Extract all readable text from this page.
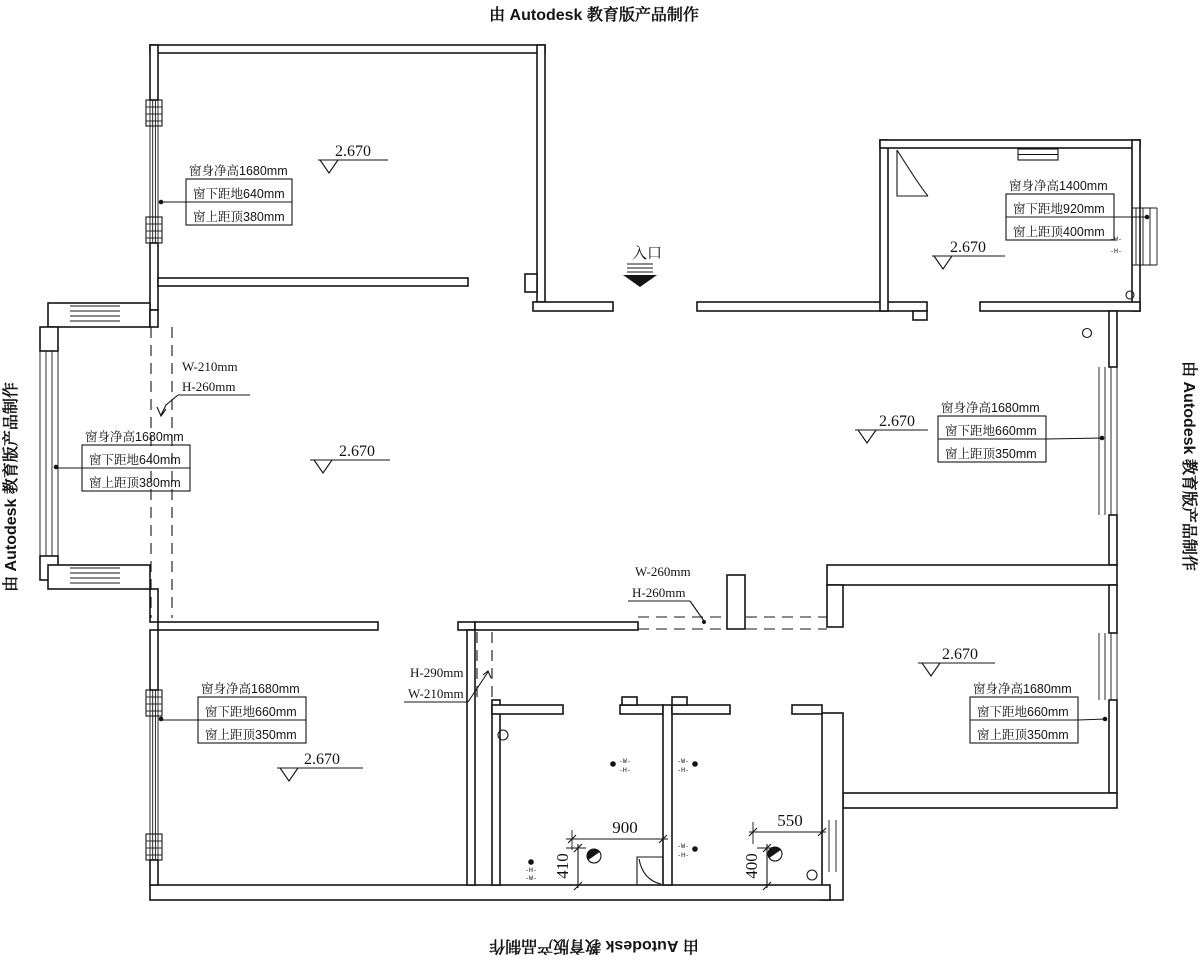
由 Autodesk 教育版产品制作
由 Autodesk 教育版产品制作
由 Autodesk 教育版产品制作	由 Autodesk 教育版产品制作
-W-
-H-
-W-
-H-
-W-
-H-
-H-
-W-
-W-
-H-
入口
2.670
2.670
2.670
2.670
2.670
2.670
窗身净高1680mm
窗下距地640mm
窗上距顶380mm
窗身净高1400mm
窗下距地920mm
窗上距顶400mm
窗身净高1680mm
窗下距地640mm
窗上距顶380mm
窗身净高1680mm
窗下距地660mm
窗上距顶350mm
窗身净高1680mm
窗下距地660mm
窗上距顶350mm
窗身净高1680mm
窗下距地660mm
窗上距顶350mm
W-210mm
H-260mm
W-260mm
H-260mm
H-290mm
W-210mm
900
410
550
400
